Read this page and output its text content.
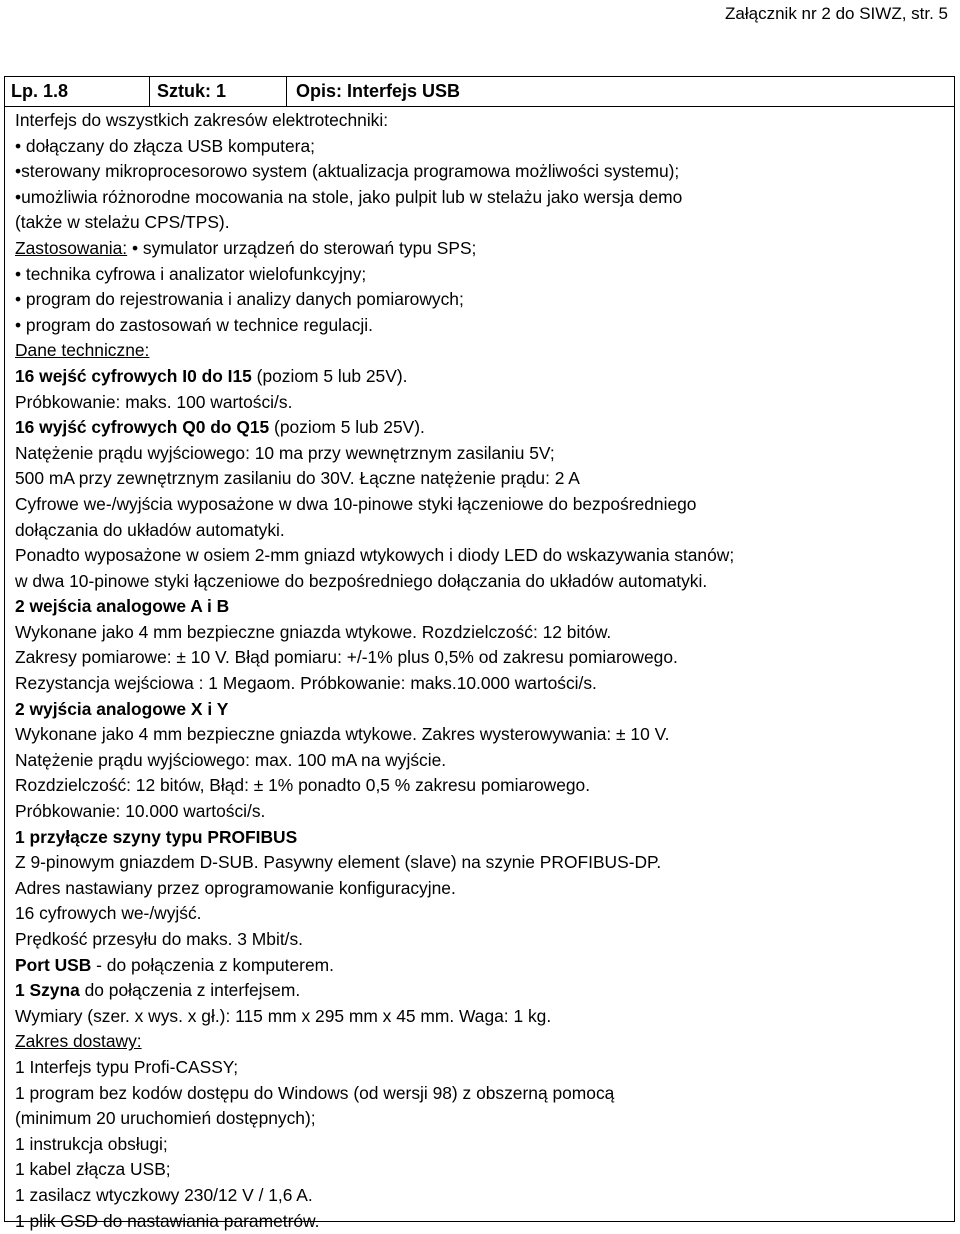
Załącznik nr 2 do SIWZ, str. 5
Lp. 1.8	Sztuk: 1	Opis: Interfejs USB
Interfejs do wszystkich zakresów elektrotechniki:
• dołączany do złącza USB komputera;
•sterowany mikroprocesorowo system (aktualizacja programowa możliwości systemu);
•umożliwia różnorodne mocowania na stole, jako pulpit lub w stelażu jako wersja demo
(także w stelażu CPS/TPS).
Zastosowania: • symulator urządzeń do sterowań typu SPS;
• technika cyfrowa i analizator wielofunkcyjny;
• program do rejestrowania i analizy danych pomiarowych;
• program do zastosowań w technice regulacji.
Dane techniczne:
16 wejść cyfrowych I0 do I15 (poziom 5 lub 25V).
Próbkowanie: maks. 100 wartości/s.
16 wyjść cyfrowych Q0 do Q15 (poziom 5 lub 25V).
Natężenie prądu wyjściowego: 10 ma przy wewnętrznym zasilaniu 5V;
500 mA przy zewnętrznym zasilaniu do 30V. Łączne natężenie prądu: 2 A
Cyfrowe we-/wyjścia wyposażone w dwa 10-pinowe styki łączeniowe do bezpośredniego
dołączania do układów automatyki.
Ponadto wyposażone w osiem 2-mm gniazd wtykowych i diody LED do wskazywania stanów;
w dwa 10-pinowe styki łączeniowe do bezpośredniego dołączania do układów automatyki.
2 wejścia analogowe A i B
Wykonane jako 4 mm bezpieczne gniazda wtykowe. Rozdzielczość: 12 bitów.
Zakresy pomiarowe: ± 10 V. Błąd pomiaru: +/-1% plus 0,5% od zakresu pomiarowego.
Rezystancja wejściowa : 1 Megaom. Próbkowanie: maks.10.000 wartości/s.
2 wyjścia analogowe X i Y
Wykonane jako 4 mm bezpieczne gniazda wtykowe. Zakres wysterowywania: ± 10 V.
Natężenie prądu wyjściowego: max. 100 mA na wyjście.
Rozdzielczość: 12 bitów, Błąd: ± 1% ponadto 0,5 % zakresu pomiarowego.
Próbkowanie: 10.000 wartości/s.
1 przyłącze szyny typu PROFIBUS
Z 9-pinowym gniazdem D-SUB. Pasywny element (slave) na szynie PROFIBUS-DP.
Adres nastawiany przez oprogramowanie konfiguracyjne.
16 cyfrowych we-/wyjść.
Prędkość przesyłu do maks. 3 Mbit/s.
Port USB - do połączenia z komputerem.
1 Szyna do połączenia z interfejsem.
Wymiary (szer. x wys. x gł.): 115 mm x 295 mm x 45 mm. Waga: 1 kg.
Zakres dostawy:
1 Interfejs typu Profi-CASSY;
1 program bez kodów dostępu do Windows (od wersji 98) z obszerną pomocą
(minimum 20 uruchomień dostępnych);
1 instrukcja obsługi;
1 kabel złącza USB;
1 zasilacz wtyczkowy 230/12 V / 1,6 A.
1 plik GSD do nastawiania parametrów.
